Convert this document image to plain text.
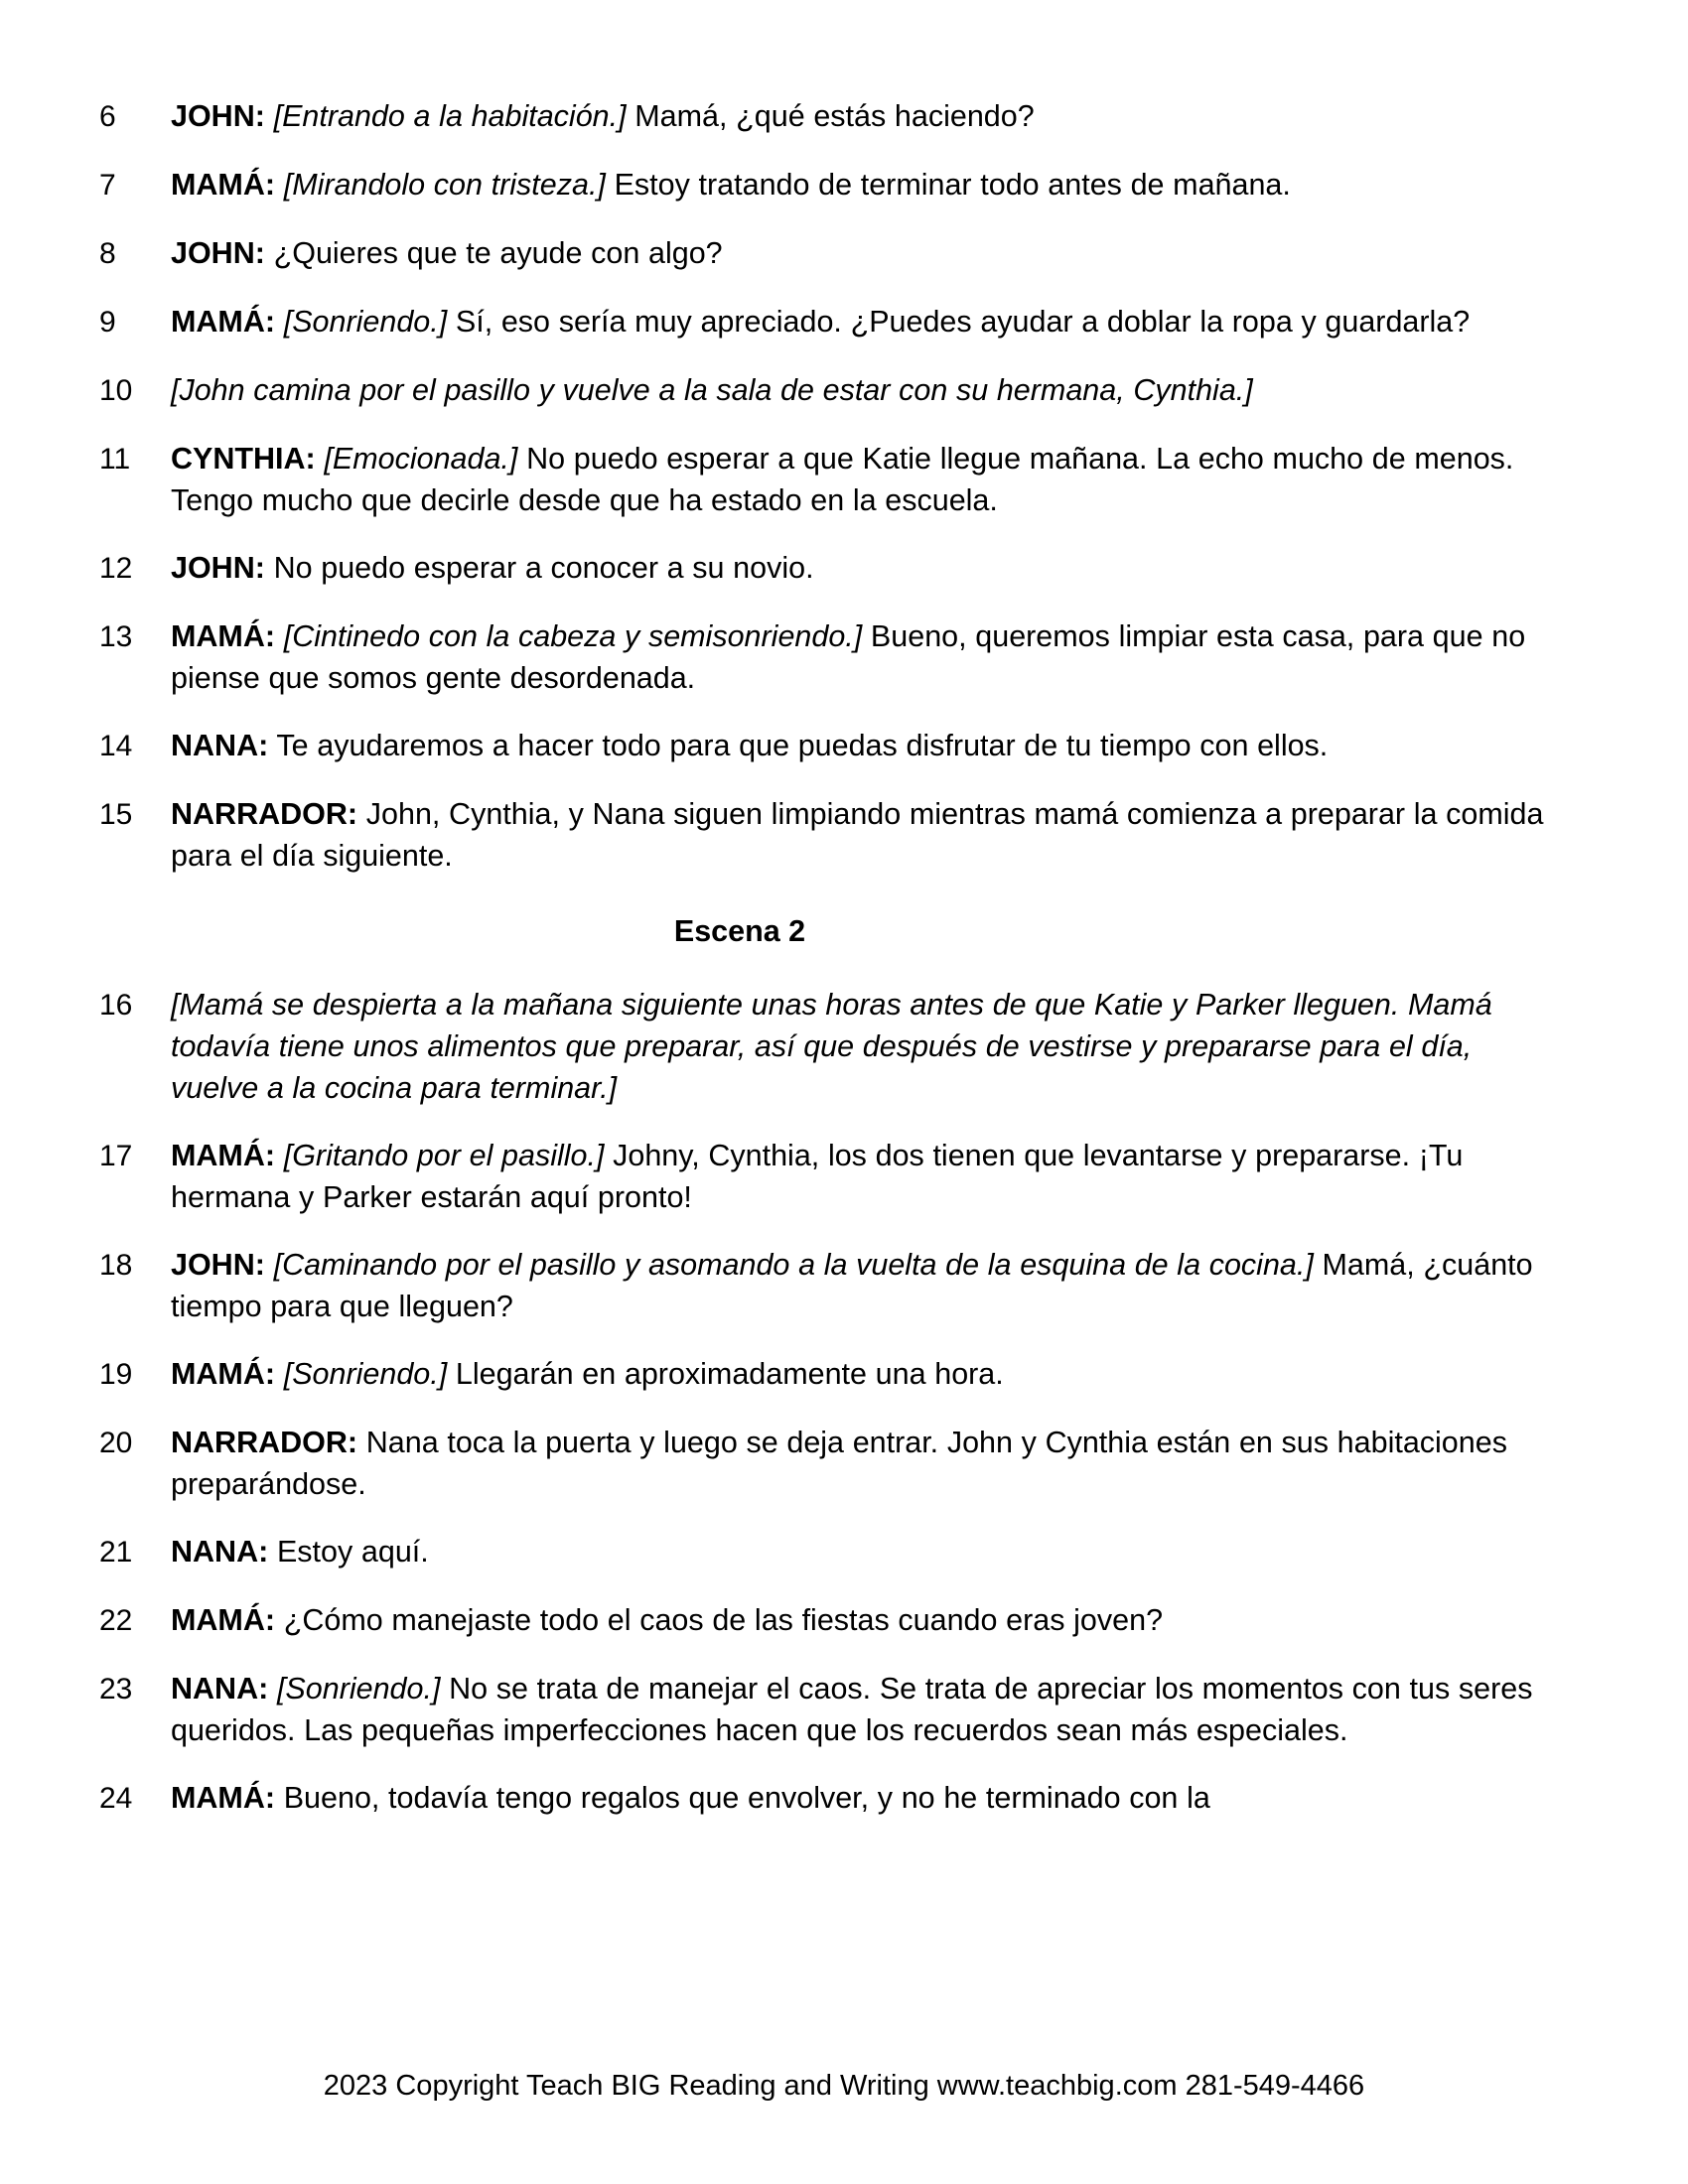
6	JOHN: [Entrando a la habitación.] Mamá, ¿qué estás haciendo?
7	MAMÁ: [Mirandolo con tristeza.] Estoy tratando de terminar todo antes de mañana.
8	JOHN: ¿Quieres que te ayude con algo?
9	MAMÁ: [Sonriendo.] Sí, eso sería muy apreciado. ¿Puedes ayudar a doblar la ropa y guardarla?
10	[John camina por el pasillo y vuelve a la sala de estar con su hermana, Cynthia.]
11	CYNTHIA: [Emocionada.] No puedo esperar a que Katie llegue mañana. La echo mucho de menos. Tengo mucho que decirle desde que ha estado en la escuela.
12	JOHN: No puedo esperar a conocer a su novio.
13	MAMÁ: [Cintinedo con la cabeza y semisonriendo.] Bueno, queremos limpiar esta casa, para que no piense que somos gente desordenada.
14	NANA: Te ayudaremos a hacer todo para que puedas disfrutar de tu tiempo con ellos.
15	NARRADOR: John, Cynthia, y Nana siguen limpiando mientras mamá comienza a preparar la comida para el día siguiente.
Escena 2
16	[Mamá se despierta a la mañana siguiente unas horas antes de que Katie y Parker lleguen. Mamá todavía tiene unos alimentos que preparar, así que después de vestirse y prepararse para el día, vuelve a la cocina para terminar.]
17	MAMÁ: [Gritando por el pasillo.] Johny, Cynthia, los dos tienen que levantarse y prepararse. ¡Tu hermana y Parker estarán aquí pronto!
18	JOHN: [Caminando por el pasillo y asomando a la vuelta de la esquina de la cocina.] Mamá, ¿cuánto tiempo para que lleguen?
19	MAMÁ: [Sonriendo.] Llegarán en aproximadamente una hora.
20	NARRADOR: Nana toca la puerta y luego se deja entrar. John y Cynthia están en sus habitaciones preparándose.
21	NANA: Estoy aquí.
22	MAMÁ: ¿Cómo manejaste todo el caos de las fiestas cuando eras joven?
23	NANA: [Sonriendo.] No se trata de manejar el caos. Se trata de apreciar los momentos con tus seres queridos. Las pequeñas imperfecciones hacen que los recuerdos sean más especiales.
24	MAMÁ: Bueno, todavía tengo regalos que envolver, y no he terminado con la
2023 Copyright Teach BIG Reading and Writing www.teachbig.com 281-549-4466
